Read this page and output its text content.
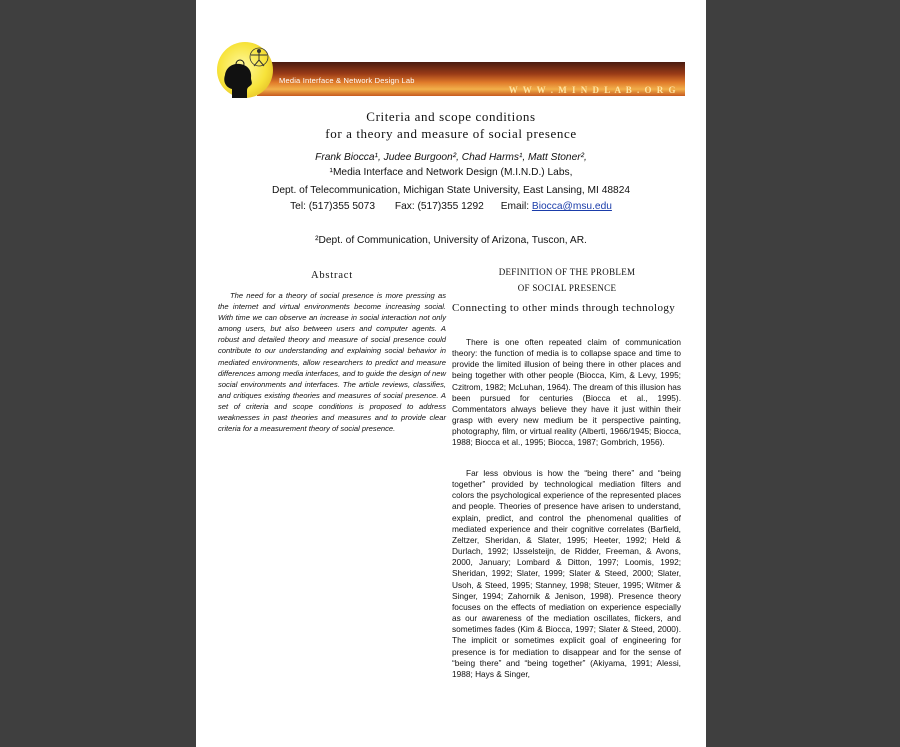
Media Interface & Network Design Lab
W W W . M I N D L A B . O R G
Criteria and scope conditions
for a theory and measure of social presence
Frank Biocca¹, Judee Burgoon², Chad Harms¹, Matt Stoner²,
¹Media Interface and Network Design (M.I.N.D.) Labs,
Dept. of Telecommunication, Michigan State University, East Lansing, MI 48824
Tel: (517)355 5073 Fax: (517)355 1292 Email: Biocca@msu.edu
²Dept. of Communication, University of Arizona, Tuscon, AR.
Abstract

The need for a theory of social presence is more pressing as the internet and virtual environments become increasing social. With time we can observe an increase in social interaction not only among users, but also between users and computer agents. A robust and detailed theory and measure of social presence could contribute to our understanding and explaining social behavior in mediated environments, allow researchers to predict and measure differences among media interfaces, and to guide the design of new social environments and interfaces. The article reviews, classifies, and critiques existing theories and measures of social presence. A set of criteria and scope conditions is proposed to address weaknesses in past theories and measures and to provide clear criteria for a measurement theory of social presence.

DEFINITION OF THE PROBLEM
OF SOCIAL PRESENCE

Connecting to other minds through technology

There is one often repeated claim of communication theory: the function of media is to collapse space and time to provide the limited illusion of being there in other places and being together with other people (Biocca, Kim, & Levy, 1995; Czitrom, 1982; McLuhan, 1964). The dream of this illusion has been pursued for centuries (Biocca et al., 1995). Commentators always believe they have it just within their grasp with every new medium be it perspective painting, photography, film, or virtual reality (Alberti, 1966/1945; Biocca, 1988; Biocca et al., 1995; Biocca, 1987; Gombrich, 1956).

Far less obvious is how the “being there” and “being together” provided by technological mediation filters and colors the psychological experience of the represented places and people. Theories of presence have arisen to understand, explain, predict, and control the phenomenal qualities of mediated experience and their cognitive correlates (Barfield, Zeltzer, Sheridan, & Slater, 1995; Heeter, 1992; Held & Durlach, 1992; IJsselsteijn, de Ridder, Freeman, & Avons, 2000, January; Lombard & Ditton, 1997; Loomis, 1992; Sheridan, 1992; Slater, 1999; Slater & Steed, 2000; Slater, Usoh, & Steed, 1995; Stanney, 1998; Steuer, 1995; Witmer & Singer, 1994; Zahornik & Jenison, 1998). Presence theory focuses on the effects of mediation on experience especially as our awareness of the mediation oscillates, flickers, and sometimes fades (Kim & Biocca, 1997; Slater & Steed, 2000). The implicit or sometimes explicit goal of engineering for presence is for mediation to disappear and for the sense of “being there” and “being together” (Akiyama, 1991; Alessi, 1988; Hays & Singer,
